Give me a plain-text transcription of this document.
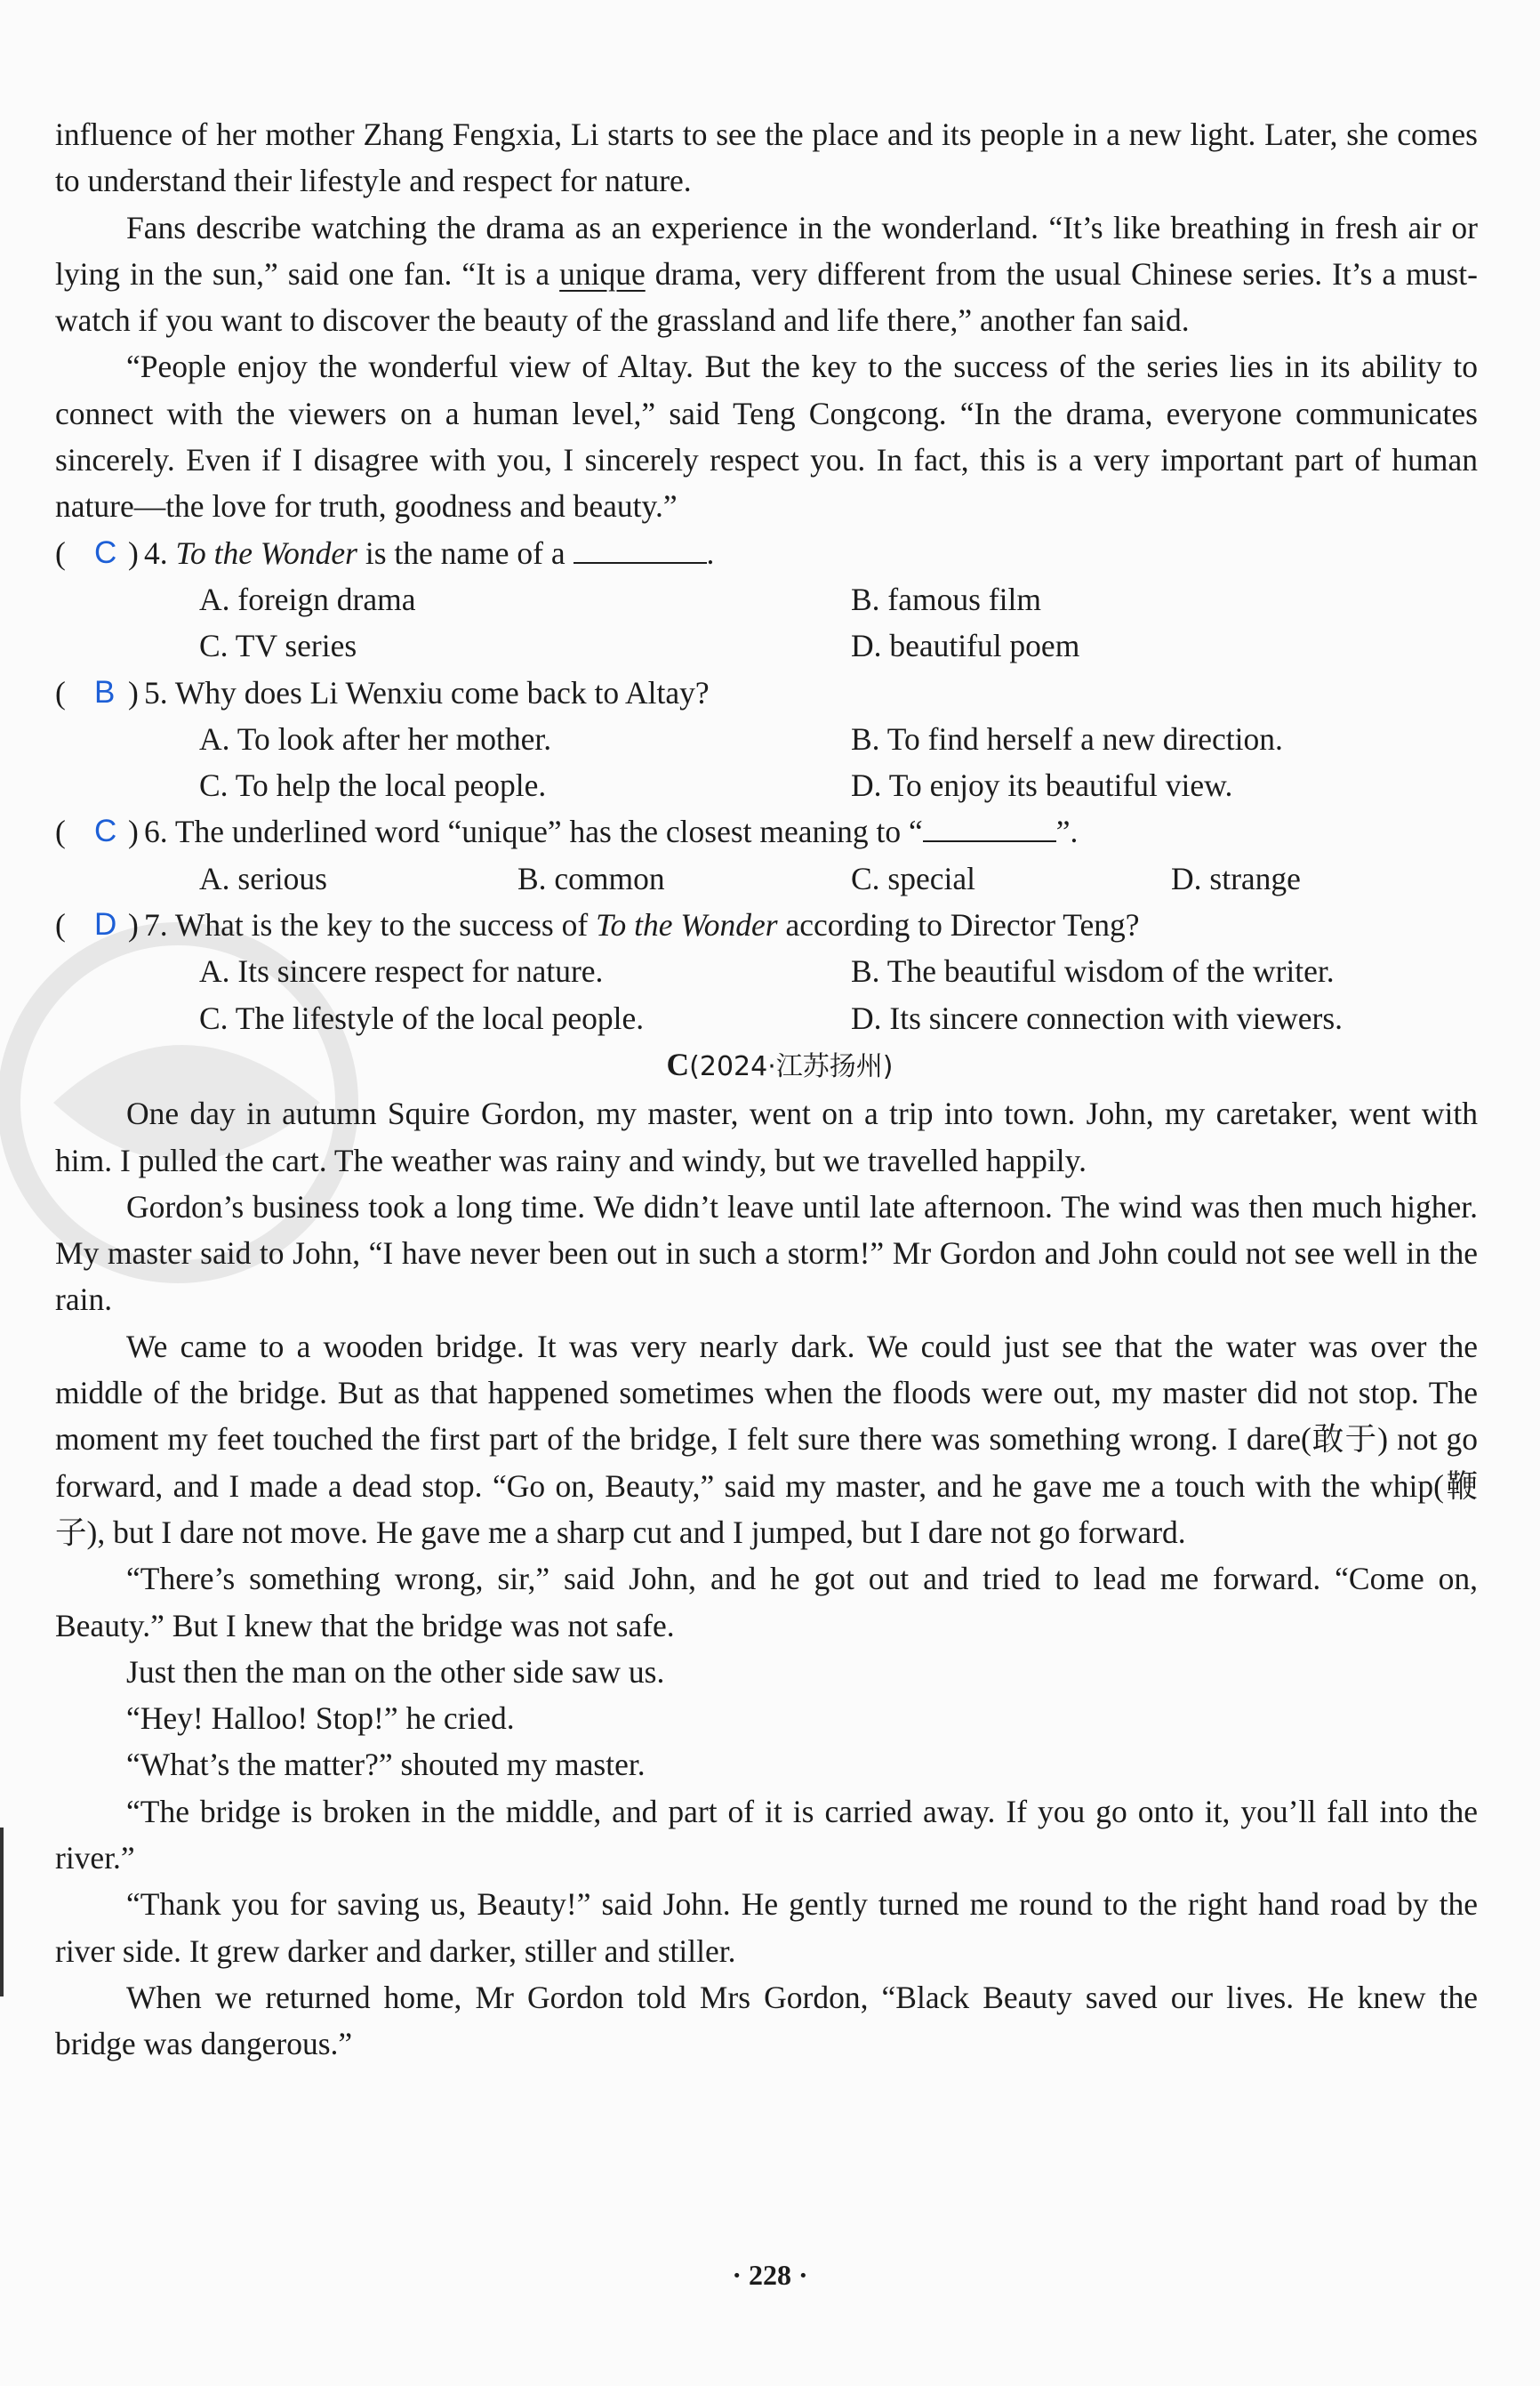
influence of her mother Zhang Fengxia, Li starts to see the place and its people in a new light. Later, she comes to understand their lifestyle and respect for nature.

Fans describe watching the drama as an experience in the wonderland. “It’s like breathing in fresh air or lying in the sun,” said one fan. “It is a unique drama, very different from the usual Chinese series. It’s a must-watch if you want to discover the beauty of the grassland and life there,” another fan said.

“People enjoy the wonderful view of Altay. But the key to the success of the series lies in its ability to connect with the viewers on a human level,” said Teng Congcong. “In the drama, everyone communicates sincerely. Even if I disagree with you, I sincerely respect you. In fact, this is a very important part of human nature—the love for truth, goodness and beauty.”

( C ) 4. To the Wonder is the name of a	.
A. foreign drama	B. famous film
C. TV series	D. beautiful poem
( B ) 5. Why does Li Wenxiu come back to Altay?
A. To look after her mother.	B. To find herself a new direction.
C. To help the local people.	D. To enjoy its beautiful view.
( C ) 6. The underlined word “unique” has the closest meaning to “	”.
A. serious	B. common	C. special	D. strange
( D ) 7. What is the key to the success of To the Wonder according to Director Teng?
A. Its sincere respect for nature.	B. The beautiful wisdom of the writer.
C. The lifestyle of the local people.	D. Its sincere connection with viewers.
C(2024·江苏扬州)

One day in autumn Squire Gordon, my master, went on a trip into town. John, my caretaker, went with him. I pulled the cart. The weather was rainy and windy, but we travelled happily.

Gordon’s business took a long time. We didn’t leave until late afternoon. The wind was then much higher. My master said to John, “I have never been out in such a storm!” Mr Gordon and John could not see well in the rain.

We came to a wooden bridge. It was very nearly dark. We could just see that the water was over the middle of the bridge. But as that happened sometimes when the floods were out, my master did not stop. The moment my feet touched the first part of the bridge, I felt sure there was something wrong. I dare(敢于) not go forward, and I made a dead stop. “Go on, Beauty,” said my master, and he gave me a touch with the whip(鞭子), but I dare not move. He gave me a sharp cut and I jumped, but I dare not go forward.

“There’s something wrong, sir,” said John, and he got out and tried to lead me forward. “Come on, Beauty.” But I knew that the bridge was not safe.

Just then the man on the other side saw us.

“Hey! Halloo! Stop!” he cried.

“What’s the matter?” shouted my master.

“The bridge is broken in the middle, and part of it is carried away. If you go onto it, you’ll fall into the river.”

“Thank you for saving us, Beauty!” said John. He gently turned me round to the right hand road by the river side. It grew darker and darker, stiller and stiller.

When we returned home, Mr Gordon told Mrs Gordon, “Black Beauty saved our lives. He knew the bridge was dangerous.”

· 228 ·
